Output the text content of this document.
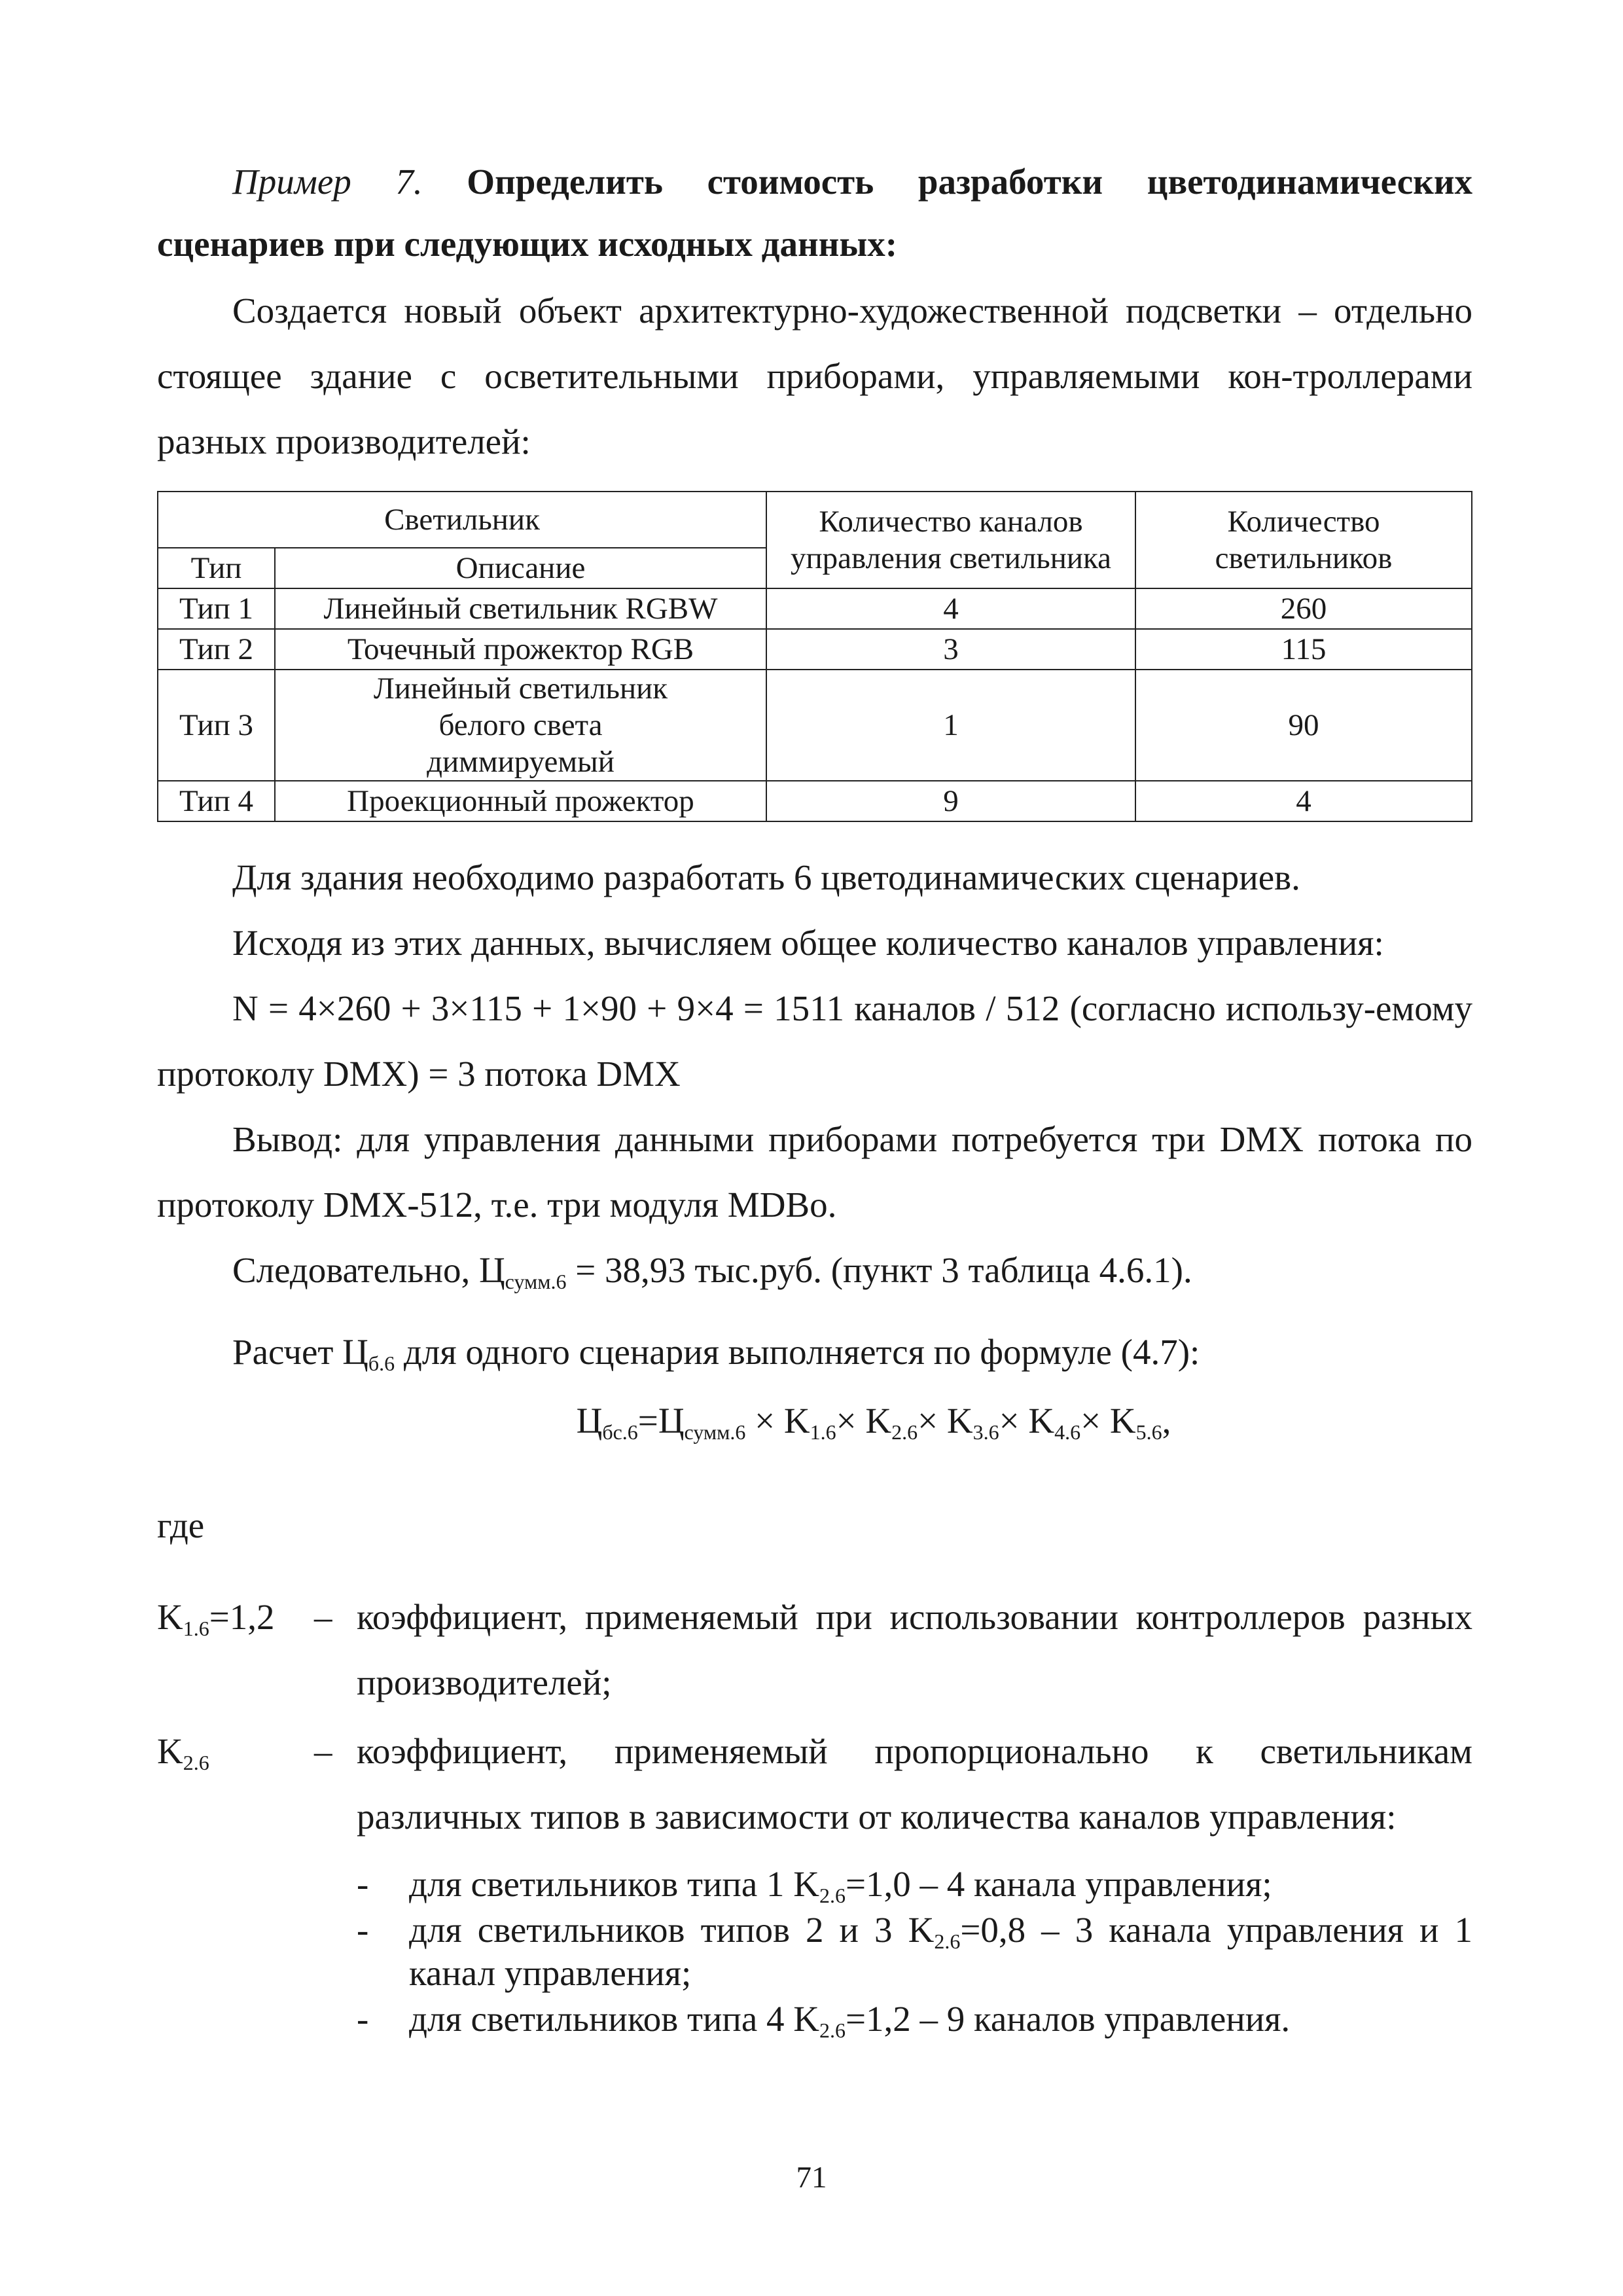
Пример 7. Определить стоимость разработки цветодинамических сценариев при следующих исходных данных:

Создается новый объект архитектурно-художественной подсветки – отдельно стоящее здание с осветительными приборами, управляемыми кон-троллерами разных производителей:

Светильник		Количество каналов управления светильника	Количество светильников
Тип	Описание		
Тип 1	Линейный светильник RGBW	4	260
Тип 2	Точечный прожектор RGB	3	115
Тип 3	Линейный светильник белого света диммируемый	1	90
Тип 4	Проекционный прожектор	9	4

Для здания необходимо разработать 6 цветодинамических сценариев.

Исходя из этих данных, вычисляем общее количество каналов управления:

N = 4×260 + 3×115 + 1×90 + 9×4 = 1511 каналов / 512 (согласно использу-емому протоколу DMX) = 3 потока DMX

Вывод: для управления данными приборами потребуется три DMX потока по протоколу DMX-512, т.е. три модуля MDBo.

Следовательно, $Ц_{сумм.6} = 38,93$ тыс.руб. (пункт 3 таблица 4.6.1).

Расчет $Ц_{б.6}$ для одного сценария выполняется по формуле (4.7):

$Ц_{бс.6}=Ц_{сумм.6} \times K_{1.6}\times K_{2.6}\times K_{3.6}\times K_{4.6}\times K_{5.6}$,

где

$K_{1.6}=1,2$	– коэффициент, применяемый при использовании контроллеров разных производителей;
$K_{2.6}$	– коэффициент, применяемый пропорционально к светильникам различных типов в зависимости от количества каналов управления:
-	для светильников типа 1 $K_{2.6}=1,0 - 4$ канала управления;
-	для светильников типов 2 и 3 $K_{2.6}=0,8 - 3$ канала управления и 1 канал управления;
-	для светильников типа 4 $K_{2.6}=1,2 - 9$ каналов управления.
71
